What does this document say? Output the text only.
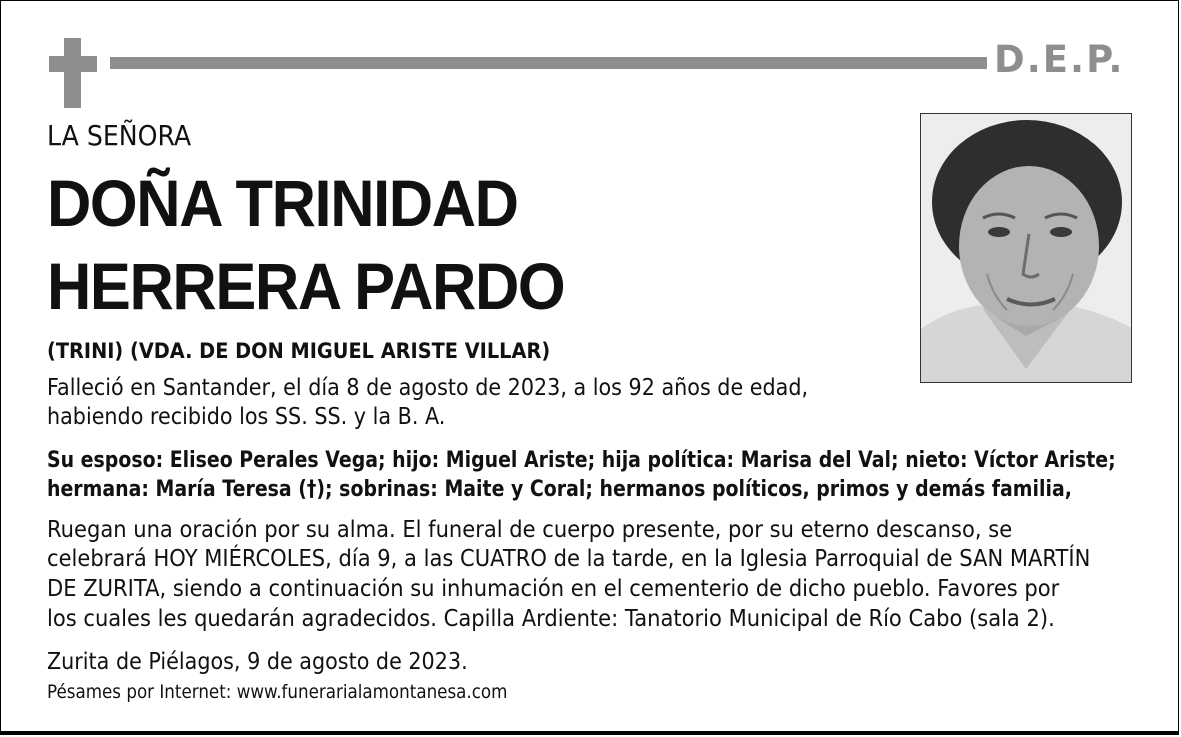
D.E.P.
LA SEÑORA
DOÑA TRINIDAD
HERRERA PARDO
(TRINI) (VDA. DE DON MIGUEL ARISTE VILLAR)
Falleció en Santander, el día 8 de agosto de 2023, a los 92 años de edad,
habiendo recibido los SS. SS. y la B. A.
Su esposo: Eliseo Perales Vega; hijo: Miguel Ariste; hija política: Marisa del Val; nieto: Víctor Ariste;
hermana: María Teresa (†); sobrinas: Maite y Coral; hermanos políticos, primos y demás familia,
Ruegan una oración por su alma. El funeral de cuerpo presente, por su eterno descanso, se
celebrará HOY MIÉRCOLES, día 9, a las CUATRO de la tarde, en la Iglesia Parroquial de SAN MARTÍN
DE ZURITA, siendo a continuación su inhumación en el cementerio de dicho pueblo. Favores por
los cuales les quedarán agradecidos. Capilla Ardiente: Tanatorio Municipal de Río Cabo (sala 2).
Zurita de Piélagos, 9 de agosto de 2023.
Pésames por Internet: www.funerarialamontanesa.com
